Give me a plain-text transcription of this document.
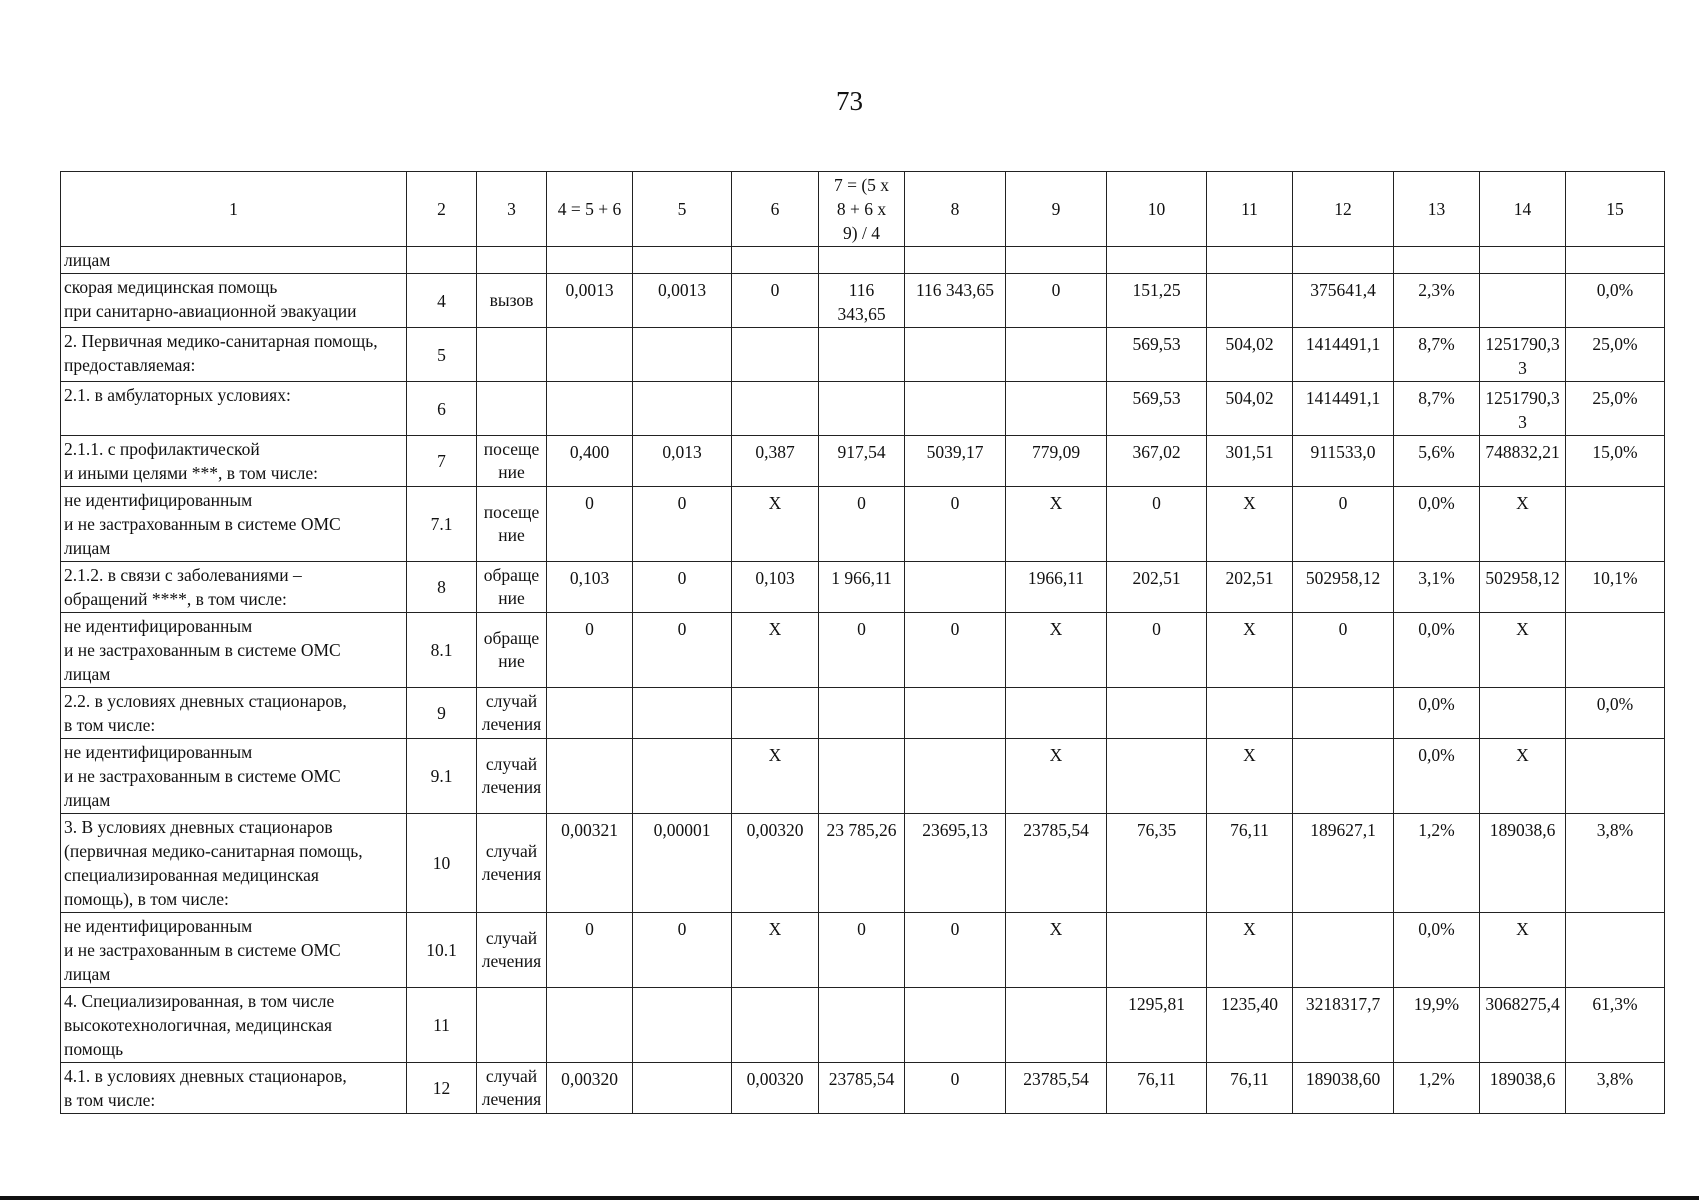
73
1	2	3	4 = 5 + 6	5	6	7 = (5 х
8 + 6 х
9) / 4	8	9	10	11	12	13	14	15
лицам														
скорая медицинская помощь
при санитарно-авиационной эвакуации	4	вызов	0,0013	0,0013	0	116
343,65	116 343,65	0	151,25		375641,4	2,3%		0,0%
2. Первичная медико-санитарная помощь,
предоставляемая:	5								569,53	504,02	1414491,1	8,7%	1251790,3
3	25,0%
2.1. в амбулаторных условиях:	6								569,53	504,02	1414491,1	8,7%	1251790,3
3	25,0%
2.1.1. с профилактической
и иными целями ***, в том числе:	7	посеще
ние	0,400	0,013	0,387	917,54	5039,17	779,09	367,02	301,51	911533,0	5,6%	748832,21	15,0%
не идентифицированным
и не застрахованным в системе ОМС
лицам	7.1	посеще
ние	0	0	Х	0	0	Х	0	Х	0	0,0%	Х	
2.1.2. в связи с заболеваниями –
обращений ****, в том числе:	8	обраще
ние	0,103	0	0,103	1 966,11		1966,11	202,51	202,51	502958,12	3,1%	502958,12	10,1%
не идентифицированным
и не застрахованным в системе ОМС
лицам	8.1	обраще
ние	0	0	Х	0	0	Х	0	Х	0	0,0%	Х	
2.2. в условиях дневных стационаров,
в том числе:	9	случай
лечения										0,0%		0,0%
не идентифицированным
и не застрахованным в системе ОМС
лицам	9.1	случай
лечения			Х			Х		Х		0,0%	Х	
3. В условиях дневных стационаров
(первичная медико-санитарная помощь,
специализированная медицинская
помощь), в том числе:	10	случай
лечения	0,00321	0,00001	0,00320	23 785,26	23695,13	23785,54	76,35	76,11	189627,1	1,2%	189038,6	3,8%
не идентифицированным
и не застрахованным в системе ОМС
лицам	10.1	случай
лечения	0	0	Х	0	0	Х		Х		0,0%	Х	
4. Специализированная, в том числе
высокотехнологичная, медицинская
помощь	11								1295,81	1235,40	3218317,7	19,9%	3068275,4	61,3%
4.1. в условиях дневных стационаров,
в том числе:	12	случай
лечения	0,00320		0,00320	23785,54	0	23785,54	76,11	76,11	189038,60	1,2%	189038,6	3,8%
